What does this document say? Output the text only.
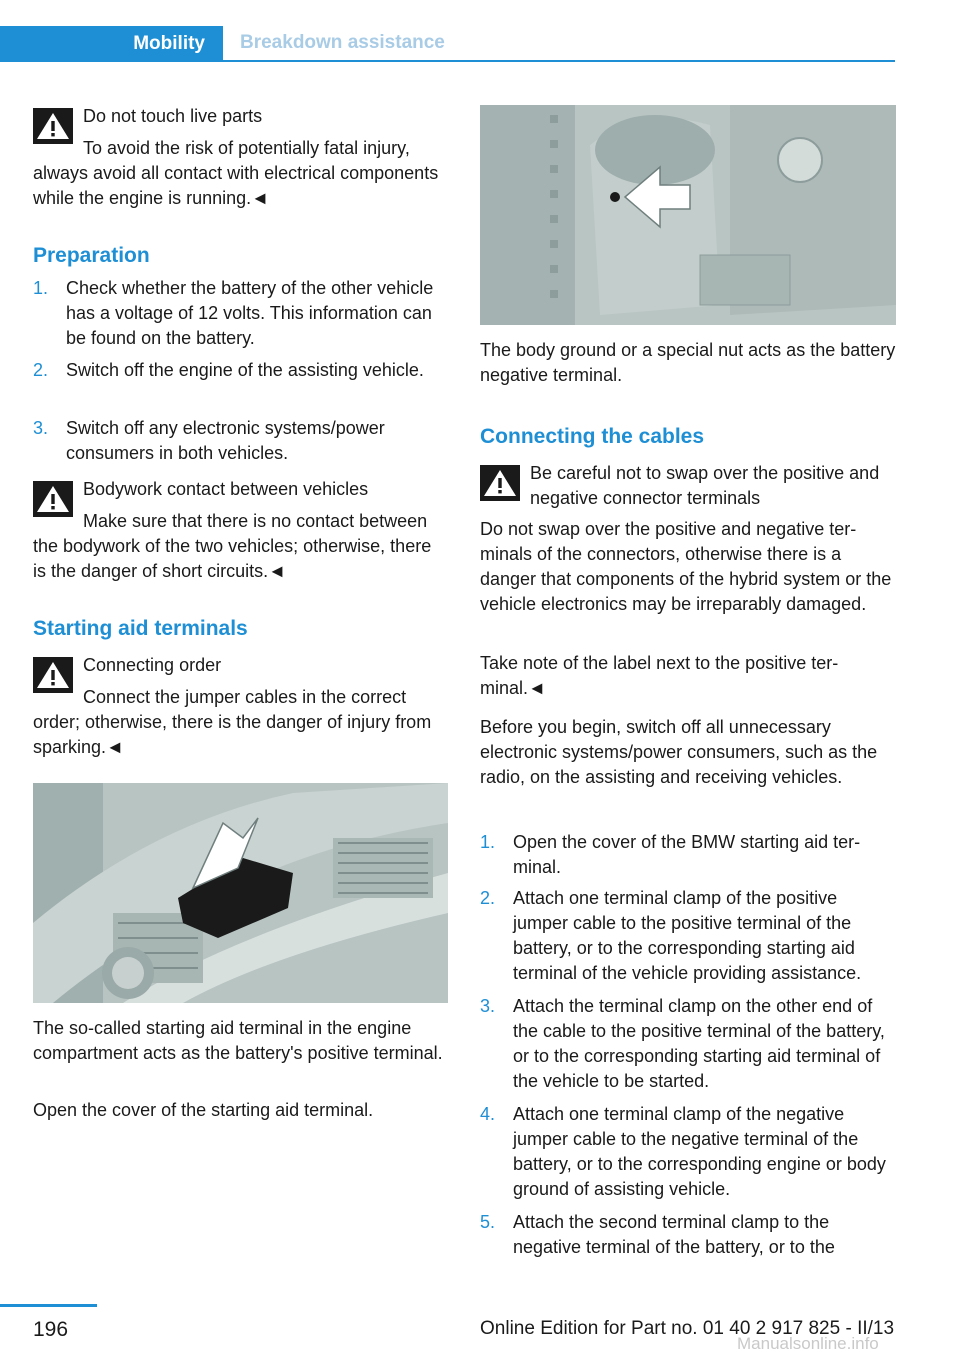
Mobility Breakdown assistance
Do not touch live parts
To avoid the risk of potentially fatal injury, always avoid all contact with electrical components while the engine is running.◄
Preparation
1. Check whether the battery of the other vehicle has a voltage of 12 volts. This information can be found on the battery.
2. Switch off the engine of the assisting vehicle.
3. Switch off any electronic systems/power consumers in both vehicles.
Bodywork contact between vehicles
Make sure that there is no contact between the bodywork of the two vehicles; otherwise, there is the danger of short circuits.◄
Starting aid terminals
Connecting order
Connect the jumper cables in the correct order; otherwise, there is the danger of injury from sparking.◄
The so-called starting aid terminal in the engine compartment acts as the battery's positive terminal.
Open the cover of the starting aid terminal.
The body ground or a special nut acts as the battery negative terminal.
Connecting the cables
Be careful not to swap over the positive and negative connector terminals
Do not swap over the positive and negative terminals of the connectors, otherwise there is a danger that components of the hybrid system or the vehicle electronics may be irreparably damaged.
Take note of the label next to the positive terminal.◄
Before you begin, switch off all unnecessary electronic systems/power consumers, such as the radio, on the assisting and receiving vehicles.
1. Open the cover of the BMW starting aid terminal.
2. Attach one terminal clamp of the positive jumper cable to the positive terminal of the battery, or to the corresponding starting aid terminal of the vehicle providing assistance.
3. Attach the terminal clamp on the other end of the cable to the positive terminal of the battery, or to the corresponding starting aid terminal of the vehicle to be started.
4. Attach one terminal clamp of the negative jumper cable to the negative terminal of the battery, or to the corresponding engine or body ground of assisting vehicle.
5. Attach the second terminal clamp to the negative terminal of the battery, or to the
196	Online Edition for Part no. 01 40 2 917 825 - II/13
Manualsonline.info
